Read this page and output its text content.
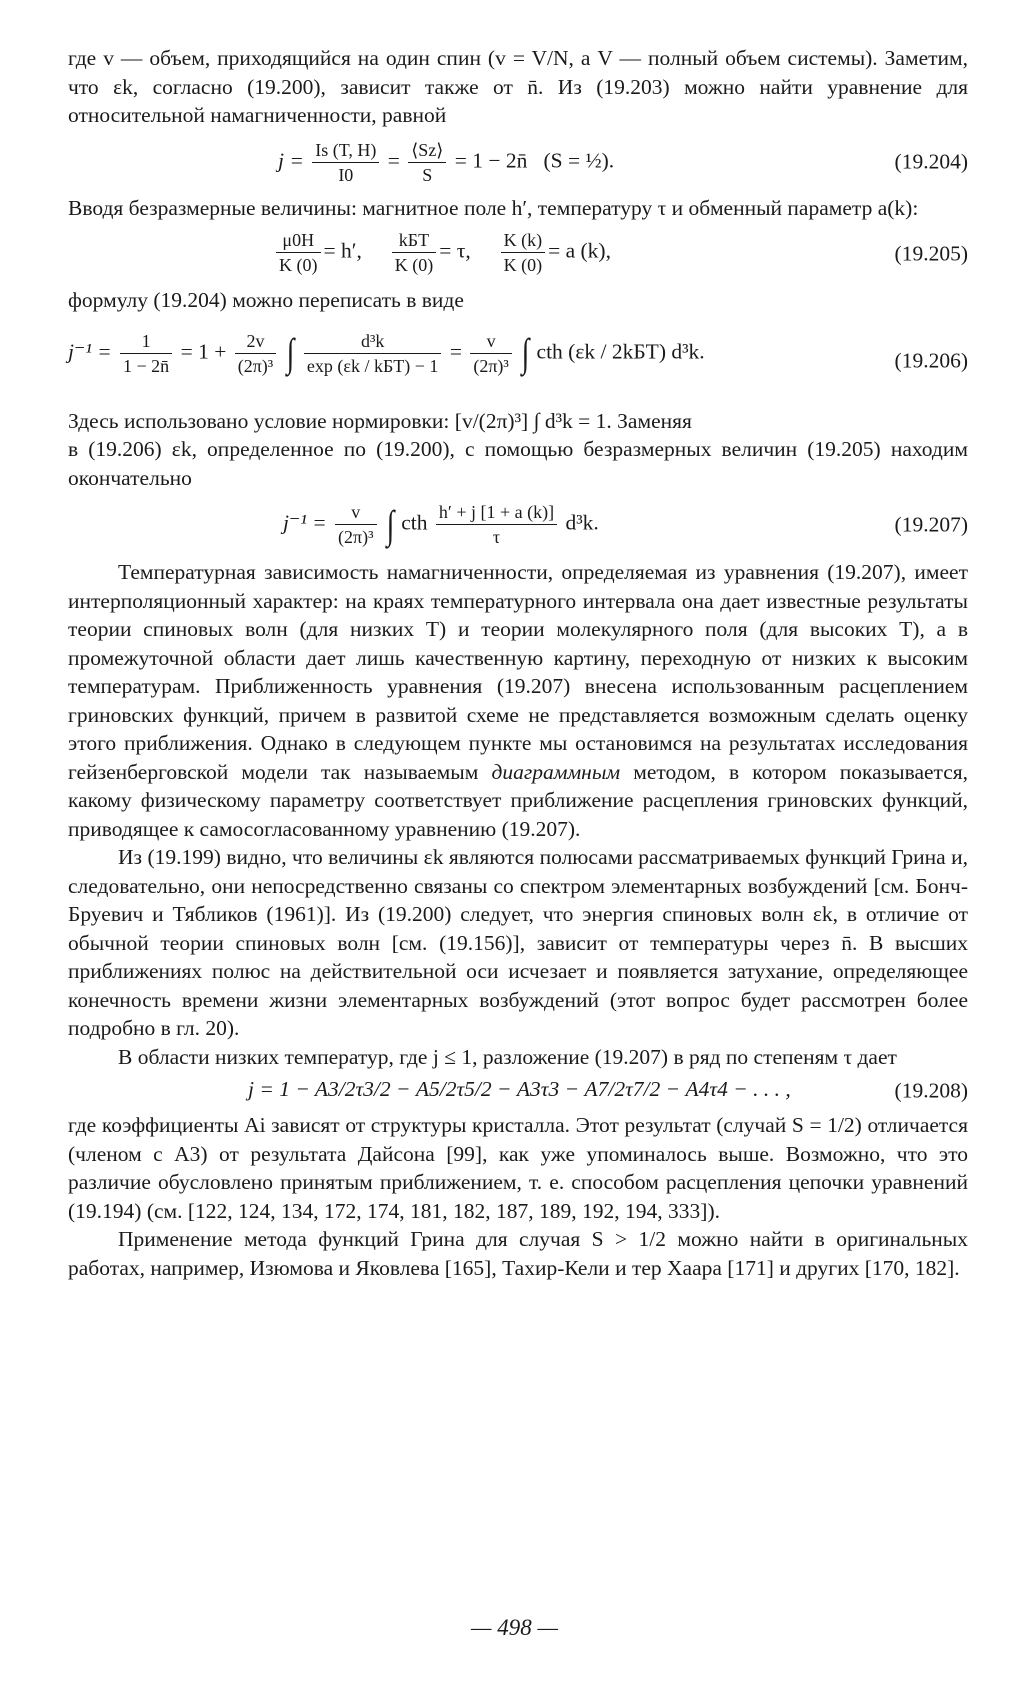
где v — объем, приходящийся на один спин (v = V/N, а V — полный объем системы). Заметим, что εk, согласно (19.200), зависит также от n̄. Из (19.203) можно найти уравнение для относительной намагниченности, равной

$j = \frac{Is (T, H)}{I0} = \frac{⟨Sz⟩}{S} = 1$ − 2n̄ (S = ½).	(19.204)

Вводя безразмерные величины: магнитное поле h′, температуру τ и обменный параметр a(k):

$\frac{\mu 0H}{K (0)} = h'$, $\frac{\text{kБT}}{K (0)} = \tau$, $\frac{K (k)}{K (0)} = a$ (k),	(19.205)

формулу (19.204) можно переписать в виде

$j^{-1} = \frac{1}{1 - 2n̄} = 1 + \frac{2v}{\text{(2π)³}}$ ∫ $\frac{\text{d³k}}{\text{exp (εk / kБT) − 1}} = \frac{v}{\text{(2π)³}}$ ∫ cth (εk / 2kБT) d³k.	(19.206)

Здесь использовано условие нормировки: [v/(2π)³] ∫ d³k = 1. Заменяя

в (19.206) εk, определенное по (19.200), с помощью безразмерных величин (19.205) находим окончательно

$j^{-1} = \frac{v}{\text{(2π)³}}$ ∫ cth $\frac{h' + j [1 + a (k)]}{\tau} d^3k$.	(19.207)

Температурная зависимость намагниченности, определяемая из уравнения (19.207), имеет интерполяционный характер: на краях температурного интервала она дает известные результаты теории спиновых волн (для низких T) и теории молекулярного поля (для высоких T), а в промежуточной области дает лишь качественную картину, переходную от низких к высоким температурам. Приближенность уравнения (19.207) внесена использованным расцеплением гриновских функций, причем в развитой схеме не представляется возможным сделать оценку этого приближения. Однако в следующем пункте мы остановимся на результатах исследования гейзенберговской модели так называемым диаграммным методом, в котором показывается, какому физическому параметру соответствует приближение расцепления гриновских функций, приводящее к самосогласованному уравнению (19.207).

Из (19.199) видно, что величины εk являются полюсами рассматриваемых функций Грина и, следовательно, они непосредственно связаны со спектром элементарных возбуждений [см. Бонч-Бруевич и Тябликов (1961)]. Из (19.200) следует, что энергия спиновых волн εk, в отличие от обычной теории спиновых волн [см. (19.156)], зависит от температуры через n̄. В высших приближениях полюс на действительной оси исчезает и появляется затухание, определяющее конечность времени жизни элементарных возбуждений (этот вопрос будет рассмотрен более подробно в гл. 20).

В области низких температур, где j ≤ 1, разложение (19.207) в ряд по степеням τ дает

j = 1 − A3/2τ3/2 − A5/2τ5/2 − A3τ3 − A7/2τ7/2 − A4τ4 − . . . ,	(19.208)

где коэффициенты Ai зависят от структуры кристалла. Этот результат (случай S = 1/2) отличается (членом с A3) от результата Дайсона [99], как уже упоминалось выше. Возможно, что это различие обусловлено принятым приближением, т. е. способом расцепления цепочки уравнений (19.194) (см. [122, 124, 134, 172, 174, 181, 182, 187, 189, 192, 194, 333]).

Применение метода функций Грина для случая S > 1/2 можно найти в оригинальных работах, например, Изюмова и Яковлева [165], Тахир-Кели и тер Хаара [171] и других [170, 182].

— 498 —
